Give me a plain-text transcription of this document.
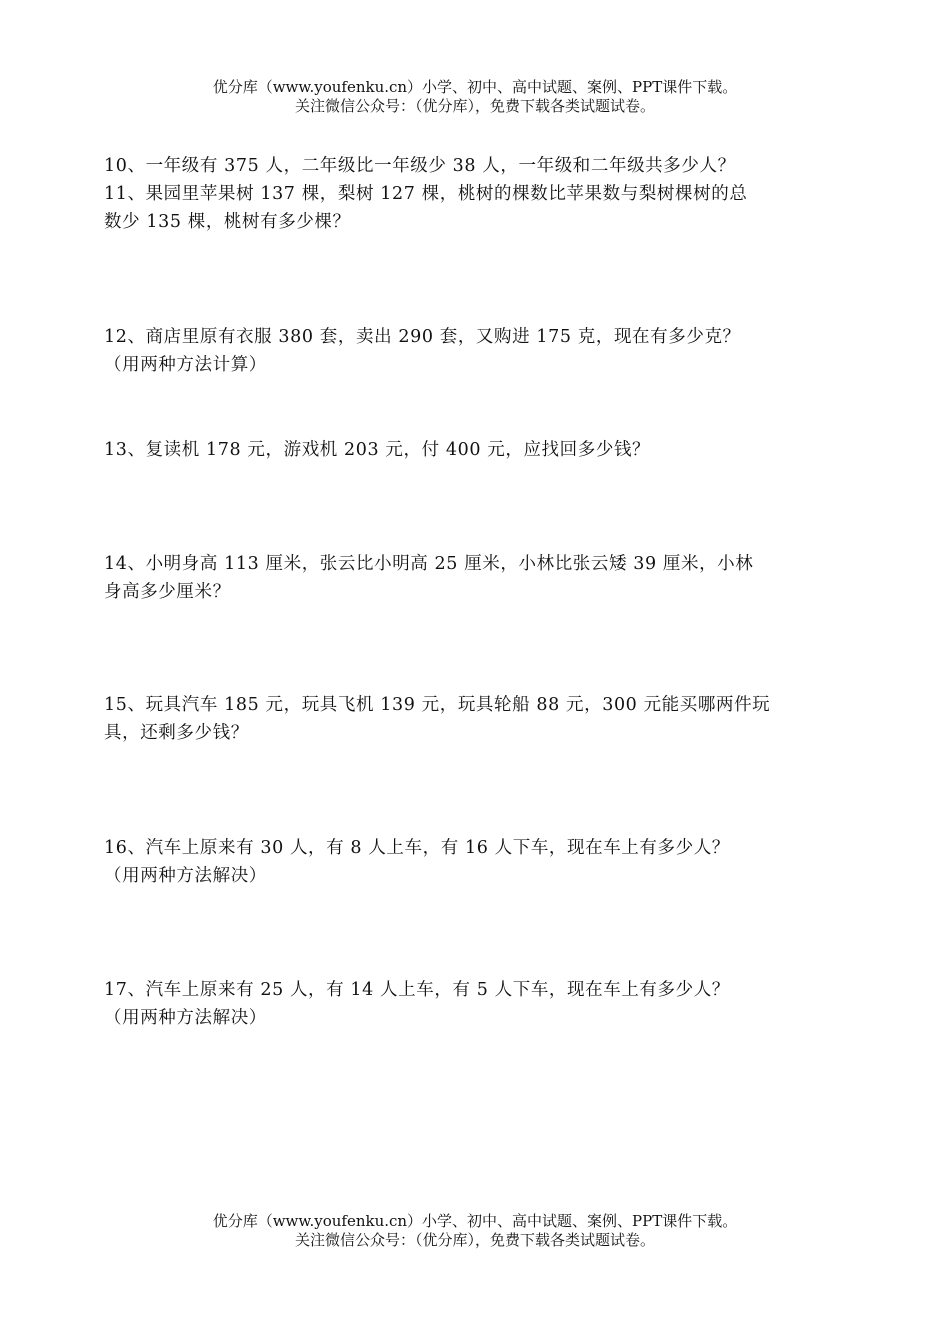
优分库（www.youfenku.cn）小学、初中、高中试题、案例、PPT课件下载。
关注微信公众号：（优分库），免费下载各类试题试卷。
10、一年级有 375 人，二年级比一年级少 38 人，一年级和二年级共多少人？
11、果园里苹果树 137 棵，梨树 127 棵，桃树的棵数比苹果数与梨树棵树的总
数少 135 棵，桃树有多少棵？
12、商店里原有衣服 380 套，卖出 290 套，又购进 175 克，现在有多少克？
（用两种方法计算）
13、复读机 178 元，游戏机 203 元，付 400 元，应找回多少钱？
14、小明身高 113 厘米，张云比小明高 25 厘米，小林比张云矮 39 厘米，小林
身高多少厘米？
15、玩具汽车 185 元，玩具飞机 139 元，玩具轮船 88 元，300 元能买哪两件玩
具，还剩多少钱？
16、汽车上原来有 30 人，有 8 人上车，有 16 人下车，现在车上有多少人？
（用两种方法解决）
17、汽车上原来有 25 人，有 14 人上车，有 5 人下车，现在车上有多少人？
（用两种方法解决）
优分库（www.youfenku.cn）小学、初中、高中试题、案例、PPT课件下载。
关注微信公众号：（优分库），免费下载各类试题试卷。
